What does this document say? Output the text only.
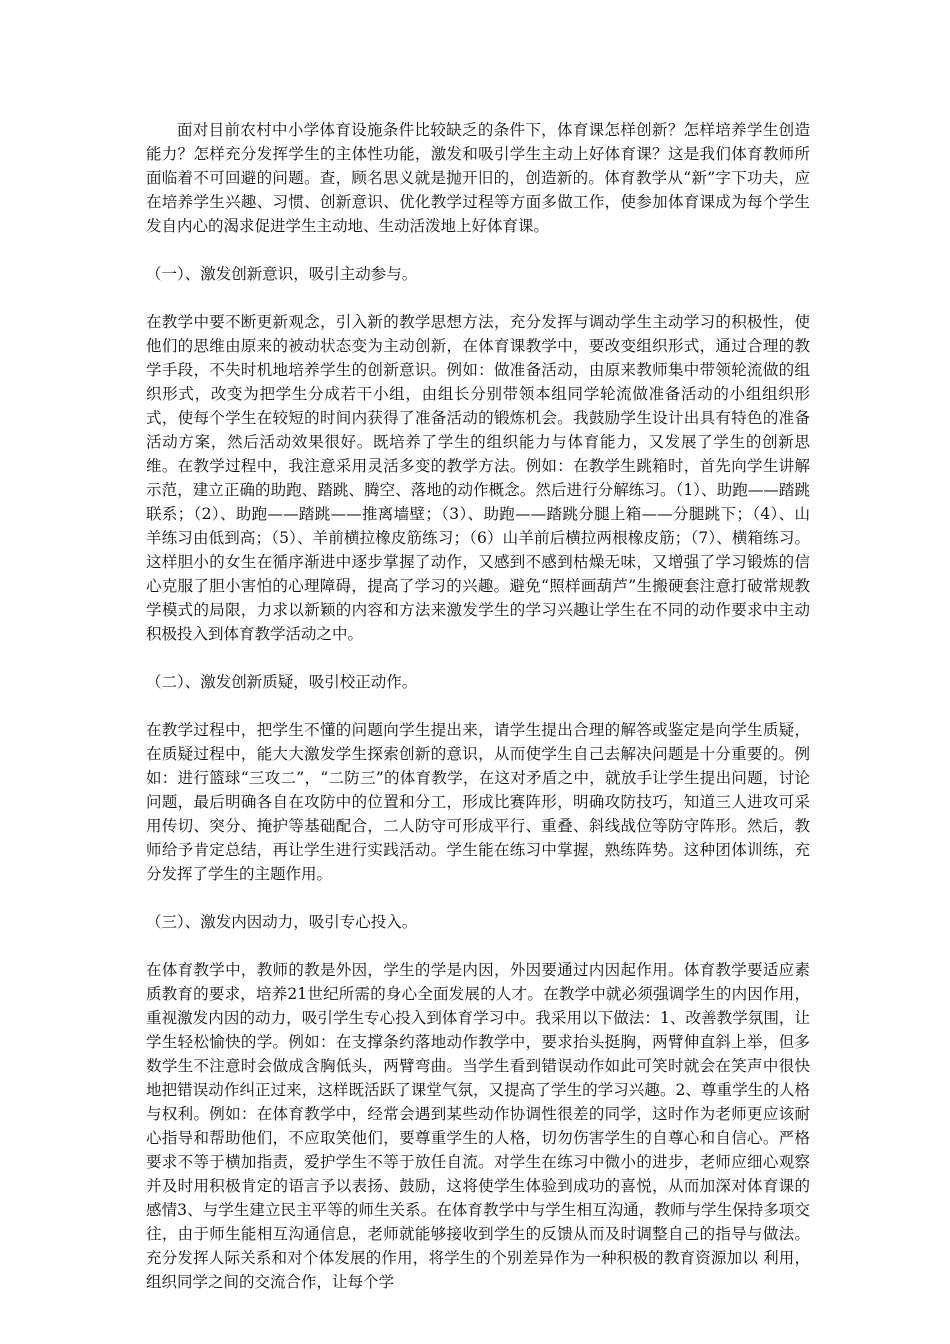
面对目前农村中小学体育设施条件比较缺乏的条件下，体育课怎样创新？怎样培养学生创造能力？怎样充分发挥学生的主体性功能，激发和吸引学生主动上好体育课？这是我们体育教师所面临着不可回避的问题。查，顾名思义就是抛开旧的，创造新的。体育教学从“新”字下功夫，应在培养学生兴趣、习惯、创新意识、优化教学过程等方面多做工作，使参加体育课成为每个学生发自内心的渴求促进学生主动地、生动活泼地上好体育课。

（一）、激发创新意识，吸引主动参与。

在教学中要不断更新观念，引入新的教学思想方法，充分发挥与调动学生主动学习的积极性，使他们的思维由原来的被动状态变为主动创新，在体育课教学中，要改变组织形式，通过合理的教学手段，不失时机地培养学生的创新意识。例如：做准备活动，由原来教师集中带领轮流做的组织形式，改变为把学生分成若干小组，由组长分别带领本组同学轮流做准备活动的小组组织形式，使每个学生在较短的时间内获得了准备活动的锻炼机会。我鼓励学生设计出具有特色的准备活动方案，然后活动效果很好。既培养了学生的组织能力与体育能力，又发展了学生的创新思维。在教学过程中，我注意采用灵活多变的教学方法。例如：在教学生跳箱时，首先向学生讲解示范，建立正确的助跑、踏跳、腾空、落地的动作概念。然后进行分解练习。（1）、助跑——踏跳联系；（2）、助跑——踏跳——推离墙壁；（3）、助跑——踏跳分腿上箱——分腿跳下；（4）、山羊练习由低到高；（5）、羊前横拉橡皮筋练习；（6）山羊前后横拉两根橡皮筋；（7）、横箱练习。这样胆小的女生在循序渐进中逐步掌握了动作，又感到不感到枯燥无味，又增强了学习锻炼的信心克服了胆小害怕的心理障碍，提高了学习的兴趣。避免“照样画葫芦”生搬硬套注意打破常规教学模式的局限，力求以新颖的内容和方法来激发学生的学习兴趣让学生在不同的动作要求中主动积极投入到体育教学活动之中。

（二）、激发创新质疑，吸引校正动作。

在教学过程中，把学生不懂的问题向学生提出来，请学生提出合理的解答或鉴定是向学生质疑，在质疑过程中，能大大激发学生探索创新的意识，从而使学生自己去解决问题是十分重要的。例如：进行篮球“三攻二”，“二防三”的体育教学，在这对矛盾之中，就放手让学生提出问题，讨论问题，最后明确各自在攻防中的位置和分工，形成比赛阵形，明确攻防技巧，知道三人进攻可采用传切、突分、掩护等基础配合，二人防守可形成平行、重叠、斜线战位等防守阵形。然后，教师给予肯定总结，再让学生进行实践活动。学生能在练习中掌握，熟练阵势。这种团体训练，充分发挥了学生的主题作用。

（三）、激发内因动力，吸引专心投入。

在体育教学中，教师的教是外因，学生的学是内因，外因要通过内因起作用。体育教学要适应素质教育的要求，培养21世纪所需的身心全面发展的人才。在教学中就必须强调学生的内因作用，重视激发内因的动力，吸引学生专心投入到体育学习中。我采用以下做法：1、改善教学氛围，让学生轻松愉快的学。例如：在支撑条约落地动作教学中，要求抬头挺胸，两臂伸直斜上举，但多数学生不注意时会做成含胸低头，两臂弯曲。当学生看到错误动作如此可笑时就会在笑声中很快地把错误动作纠正过来，这样既活跃了课堂气氛，又提高了学生的学习兴趣。2、尊重学生的人格与权利。例如：在体育教学中，经常会遇到某些动作协调性很差的同学，这时作为老师更应该耐心指导和帮助他们，不应取笑他们，要尊重学生的人格，切勿伤害学生的自尊心和自信心。严格要求不等于横加指责，爱护学生不等于放任自流。对学生在练习中微小的进步，老师应细心观察并及时用积极肯定的语言予以表扬、鼓励，这将使学生体验到成功的喜悦，从而加深对体育课的感情3、与学生建立民主平等的师生关系。在体育教学中与学生相互沟通，教师与学生保持多项交往，由于师生能相互沟通信息，老师就能够接收到学生的反馈从而及时调整自己的指导与做法。充分发挥人际关系和对个体发展的作用，将学生的个别差异作为一种积极的教育资源加以 利用，组织同学之间的交流合作，让每个学
